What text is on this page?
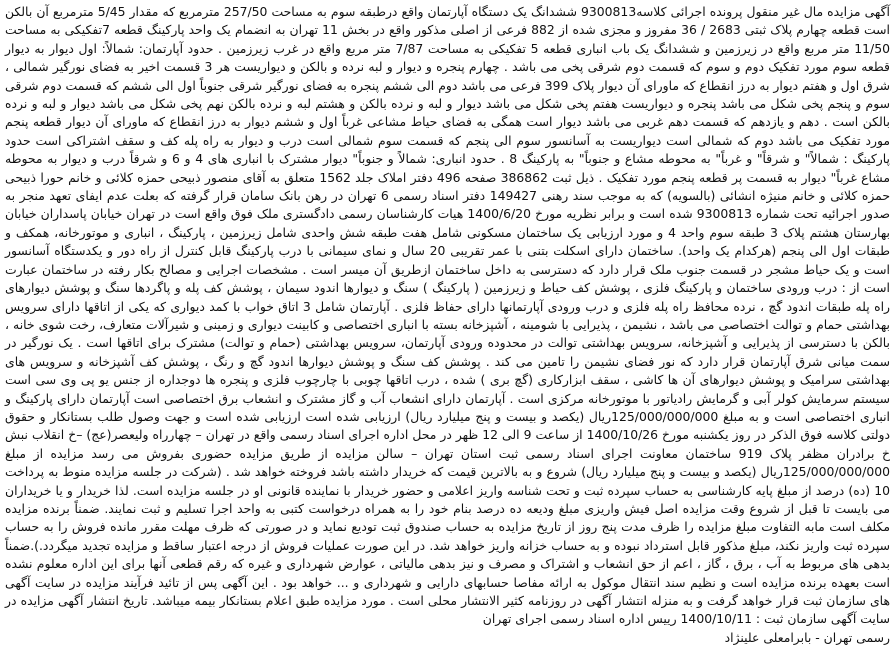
آگهی مزایده مال غیر منقول پرونده اجرائی کلاسه9300813 ششدانگ یک دستگاه آپارتمان واقع درطبقه سوم به مساحت 257/50 مترمربع که مقدار 5/45 مترمربع آن بالکن است قطعه چهارم پلاک ثبتی 2683 / 36 مفروز و مجزی شده از 882 فرعی از اصلی مذکور واقع در بخش 11 تهران به انضمام یک واحد پارکینگ قطعه 7تفکیکی به مساحت 11/50 متر مربع واقع در زیرزمین و ششدانگ یک باب انباری قطعه 5 تفکیکی به مساحت 7/87 متر مربع واقع در غرب زیرزمین . حدود آپارتمان: شمالاً: اول دیوار به دیوار قطعه سوم مورد تفکیک دوم و سوم که قسمت دوم شرقی پخی می باشد . چهارم پنجره و دیوار و لبه نرده و بالکن و دیواریست هر 3 قسمت اخیر به فضای نورگیر شمالی ، شرق اول و هفتم دیوار به درز انقطاع که ماورای آن دیوار پلاک 399 فرعی می باشد دوم الی ششم پنجره به فضای نورگیر شرقی جنوباً اول الی ششم که قسمت دوم شرقی سوم و پنجم پخی شکل می باشد پنجره و دیواریست هفتم پخی شکل می باشد دیوار و لبه و نرده بالکن و هشتم لبه و نرده بالکن نهم پخی شکل می باشد دیوار و لبه و نرده بالکن است . دهم و یازدهم که قسمت دهم غربی می باشد دیوار است همگی به فضای حیاط مشاعی غرباً اول و ششم دیوار به درز انقطاع که ماورای آن دیوار قطعه پنجم مورد تفکیک می باشد دوم که شمالی است دیواریست به آسانسور سوم الی پنجم که قسمت سوم شمالی است درب و دیوار به راه پله کف و سقف اشتراکی است حدود پارکینگ : شمالاً" و شرقاً" و غرباً" به محوطه مشاع و جنوباً" به پارکینگ 8 . حدود انباری: شمالاً و جنوباً" دیوار مشترک با انباری های 4 و 6 و شرقاً درب و دیوار به محوطه مشاع غرباً" دیوار به قسمت پر قطعه پنجم مورد تفکیک . ذیل ثبت 386862 صفحه 496 دفتر املاک جلد 1562 متعلق به آقای منصور ذبیحی حمزه کلائی و خانم حورا ذبیحی حمزه کلائی و خانم منیژه انشائی (بالسویه) که به موجب سند رهنی 149427 دفتر اسناد رسمی 6 تهران در رهن بانک سامان قرار گرفته که بعلت عدم ایفای تعهد منجر به صدور اجرائیه تحت شماره 9300813 شده است و برابر نظریه مورخ 1400/6/20 هیات کارشناسان رسمی دادگستری ملک فوق واقع است در تهران خیابان پاسداران خیابان بهارستان هشتم پلاک 3 طبقه سوم واحد 4 و مورد ارزیابی یک ساختمان مسکونی شامل هفت طبقه شش واحدی شامل زیرزمین ، پارکینگ ، انباری و موتورخانه، همکف و طبقات اول الی پنجم (هرکدام یک واحد). ساختمان دارای اسکلت بتنی با عمر تقریبی 20 سال و نمای سیمانی با درب پارکینگ قابل کنترل از راه دور و یکدستگاه آسانسور است و یک حیاط مشجر در قسمت جنوب ملک قرار دارد که دسترسی به داخل ساختمان ازطریق آن میسر است . مشخصات اجرایی و مصالح بکار رفته در ساختمان عبارت است از : درب ورودی ساختمان و پارکینگ فلزی ، پوشش کف حیاط و زیرزمین ( پارکینگ ) سنگ و دیوارها اندود سیمان ، پوشش کف پله و پاگردها سنگ و پوشش دیوارهای راه پله طبقات اندود گچ ، نرده محافظ راه پله فلزی و درب ورودی آپارتمانها دارای حفاظ فلزی . آپارتمان شامل 3 اتاق خواب با کمد دیواری که یکی از اتاقها دارای سرویس بهداشتی حمام و توالت اختصاصی می باشد ، نشیمن ، پذیرایی با شومینه ، آشپزخانه بسته با انباری اختصاصی و کابینت دیواری و زمینی و شیرآلات متعارف، رخت شوی خانه ، بالکن با دسترسی از پذیرایی و آشپزخانه، سرویس بهداشتی توالت در محدوده ورودی آپارتمان، سرویس بهداشتی (حمام و توالت) مشترک برای اتاقها است . یک نورگیر در سمت میانی شرق آپارتمان قرار دارد که نور فضای نشیمن را تامین می کند . پوشش کف سنگ و پوشش دیوارها اندود گچ و رنگ ، پوشش کف آشپزخانه و سرویس های بهداشتی سرامیک و پوشش دیوارهای آن ها کاشی ، سقف ابزارکاری (گچ بری ) شده ، درب اتاقها چوبی با چارچوب فلزی و پنجره ها دوجداره از جنس یو پی وی سی است سیستم سرمایش کولر آبی و گرمایش رادیاتور با موتورخانه مرکزی است . آپارتمان دارای انشعاب آب و گاز مشترک و انشعاب برق اختصاصی است آپارتمان دارای پارکینگ و انباری اختصاصی است و به مبلغ 125/000/000/000ریال (یکصد و بیست و پنج میلیارد ریال) ارزیابی شده است ارزیابی شده است و جهت وصول طلب بستانکار و حقوق دولتی کلاسه فوق الذکر در روز یکشنبه مورخ 1400/10/26 از ساعت 9 الی 12 ظهر در محل اداره اجرای اسناد رسمی واقع در تهران – چهارراه ولیعصر(عج) –خ انقلاب نبش خ برادران مظفر پلاک 919 ساختمان معاونت اجرای اسناد رسمی ثبت استان تهران – سالن مزایده از طریق مزایده حضوری بفروش می رسد مزایده از مبلغ 125/000/000/000ریال (یکصد و بیست و پنج میلیارد ریال) شروع و به بالاترین قیمت که خریدار داشته باشد فروخته خواهد شد . (شرکت در جلسه مزایده منوط به پرداخت 10 (ده) درصد از مبلغ پایه کارشناسی به حساب سپرده ثبت و تحت شناسه واریز اعلامی و حضور خریدار با نماینده قانونی او در جلسه مزایده است. لذا خریدار و یا خریداران می بایست تا قبل از شروع وقت مزایده اصل فیش واریزی مبلغ ودیعه ده درصد بنام خود را به همراه درخواست کتبی به واحد اجرا تسلیم و ثبت نمایند. ضمناً برنده مزایده مکلف است مابه التفاوت مبلغ مزایده را ظرف مدت پنج روز از تاریخ مزایده به حساب صندوق ثبت تودیع نماید و در صورتی که ظرف مهلت مقرر مانده فروش را به حساب سپرده ثبت واریز نکند، مبلغ مذکور قابل استرداد نبوده و به حساب خزانه واریز خواهد شد. در این صورت عملیات فروش از درجه اعتبار ساقط و مزایده تجدید میگردد.).ضمناً بدهی های مربوط به آب ، برق ، گاز ، اعم از حق انشعاب و اشتراک و مصرف و نیز بدهی مالیاتی ، عوارض شهرداری و غیره که رقم قطعی آنها برای این اداره معلوم نشده است بعهده برنده مزایده است و نظیم سند انتقال موکول به ارائه مفاصا حسابهای دارایی و شهرداری و ... خواهد بود . این آگهی پس از تائید فرآیند مزایده در سایت آگهی های سازمان ثبت قرار خواهد گرفت و به منزله انتشار آگهی در روزنامه کثیر الانتشار محلی است . مورد مزایده طبق اعلام بستانکار بیمه میباشد. تاریخ انتشار آگهی مزایده در سایت آگهی سازمان ثبت : 1400/10/11 رییس اداره اسناد رسمی اجرای تهران

رسمی تهران - بابرامعلی علینژاد
